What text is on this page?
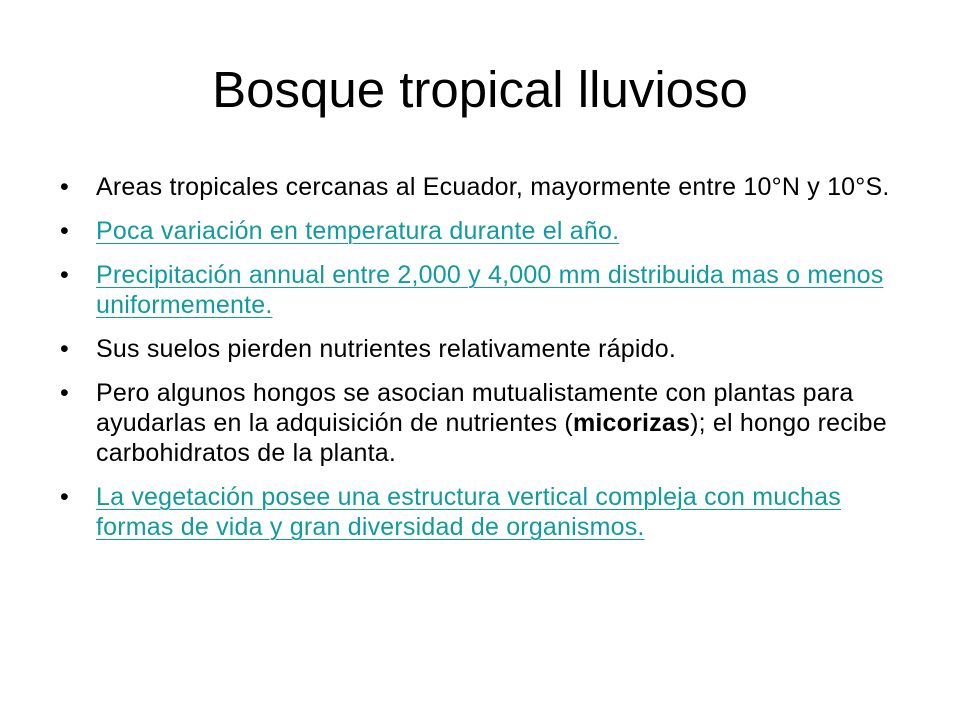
Bosque tropical lluvioso
•	Areas tropicales cercanas al Ecuador, mayormente entre 10°N y 10°S.
•	Poca variación en temperatura durante el año.
•	Precipitación annual entre 2,000 y 4,000 mm distribuida mas o menos uniformemente.
•	Sus suelos pierden nutrientes relativamente rápido.
•	Pero algunos hongos se asocian mutualistamente con plantas para ayudarlas en la adquisición de nutrientes (micorizas); el hongo recibe carbohidratos de la planta.
•	La vegetación posee una estructura vertical compleja con muchas formas de vida y gran diversidad de organismos.
